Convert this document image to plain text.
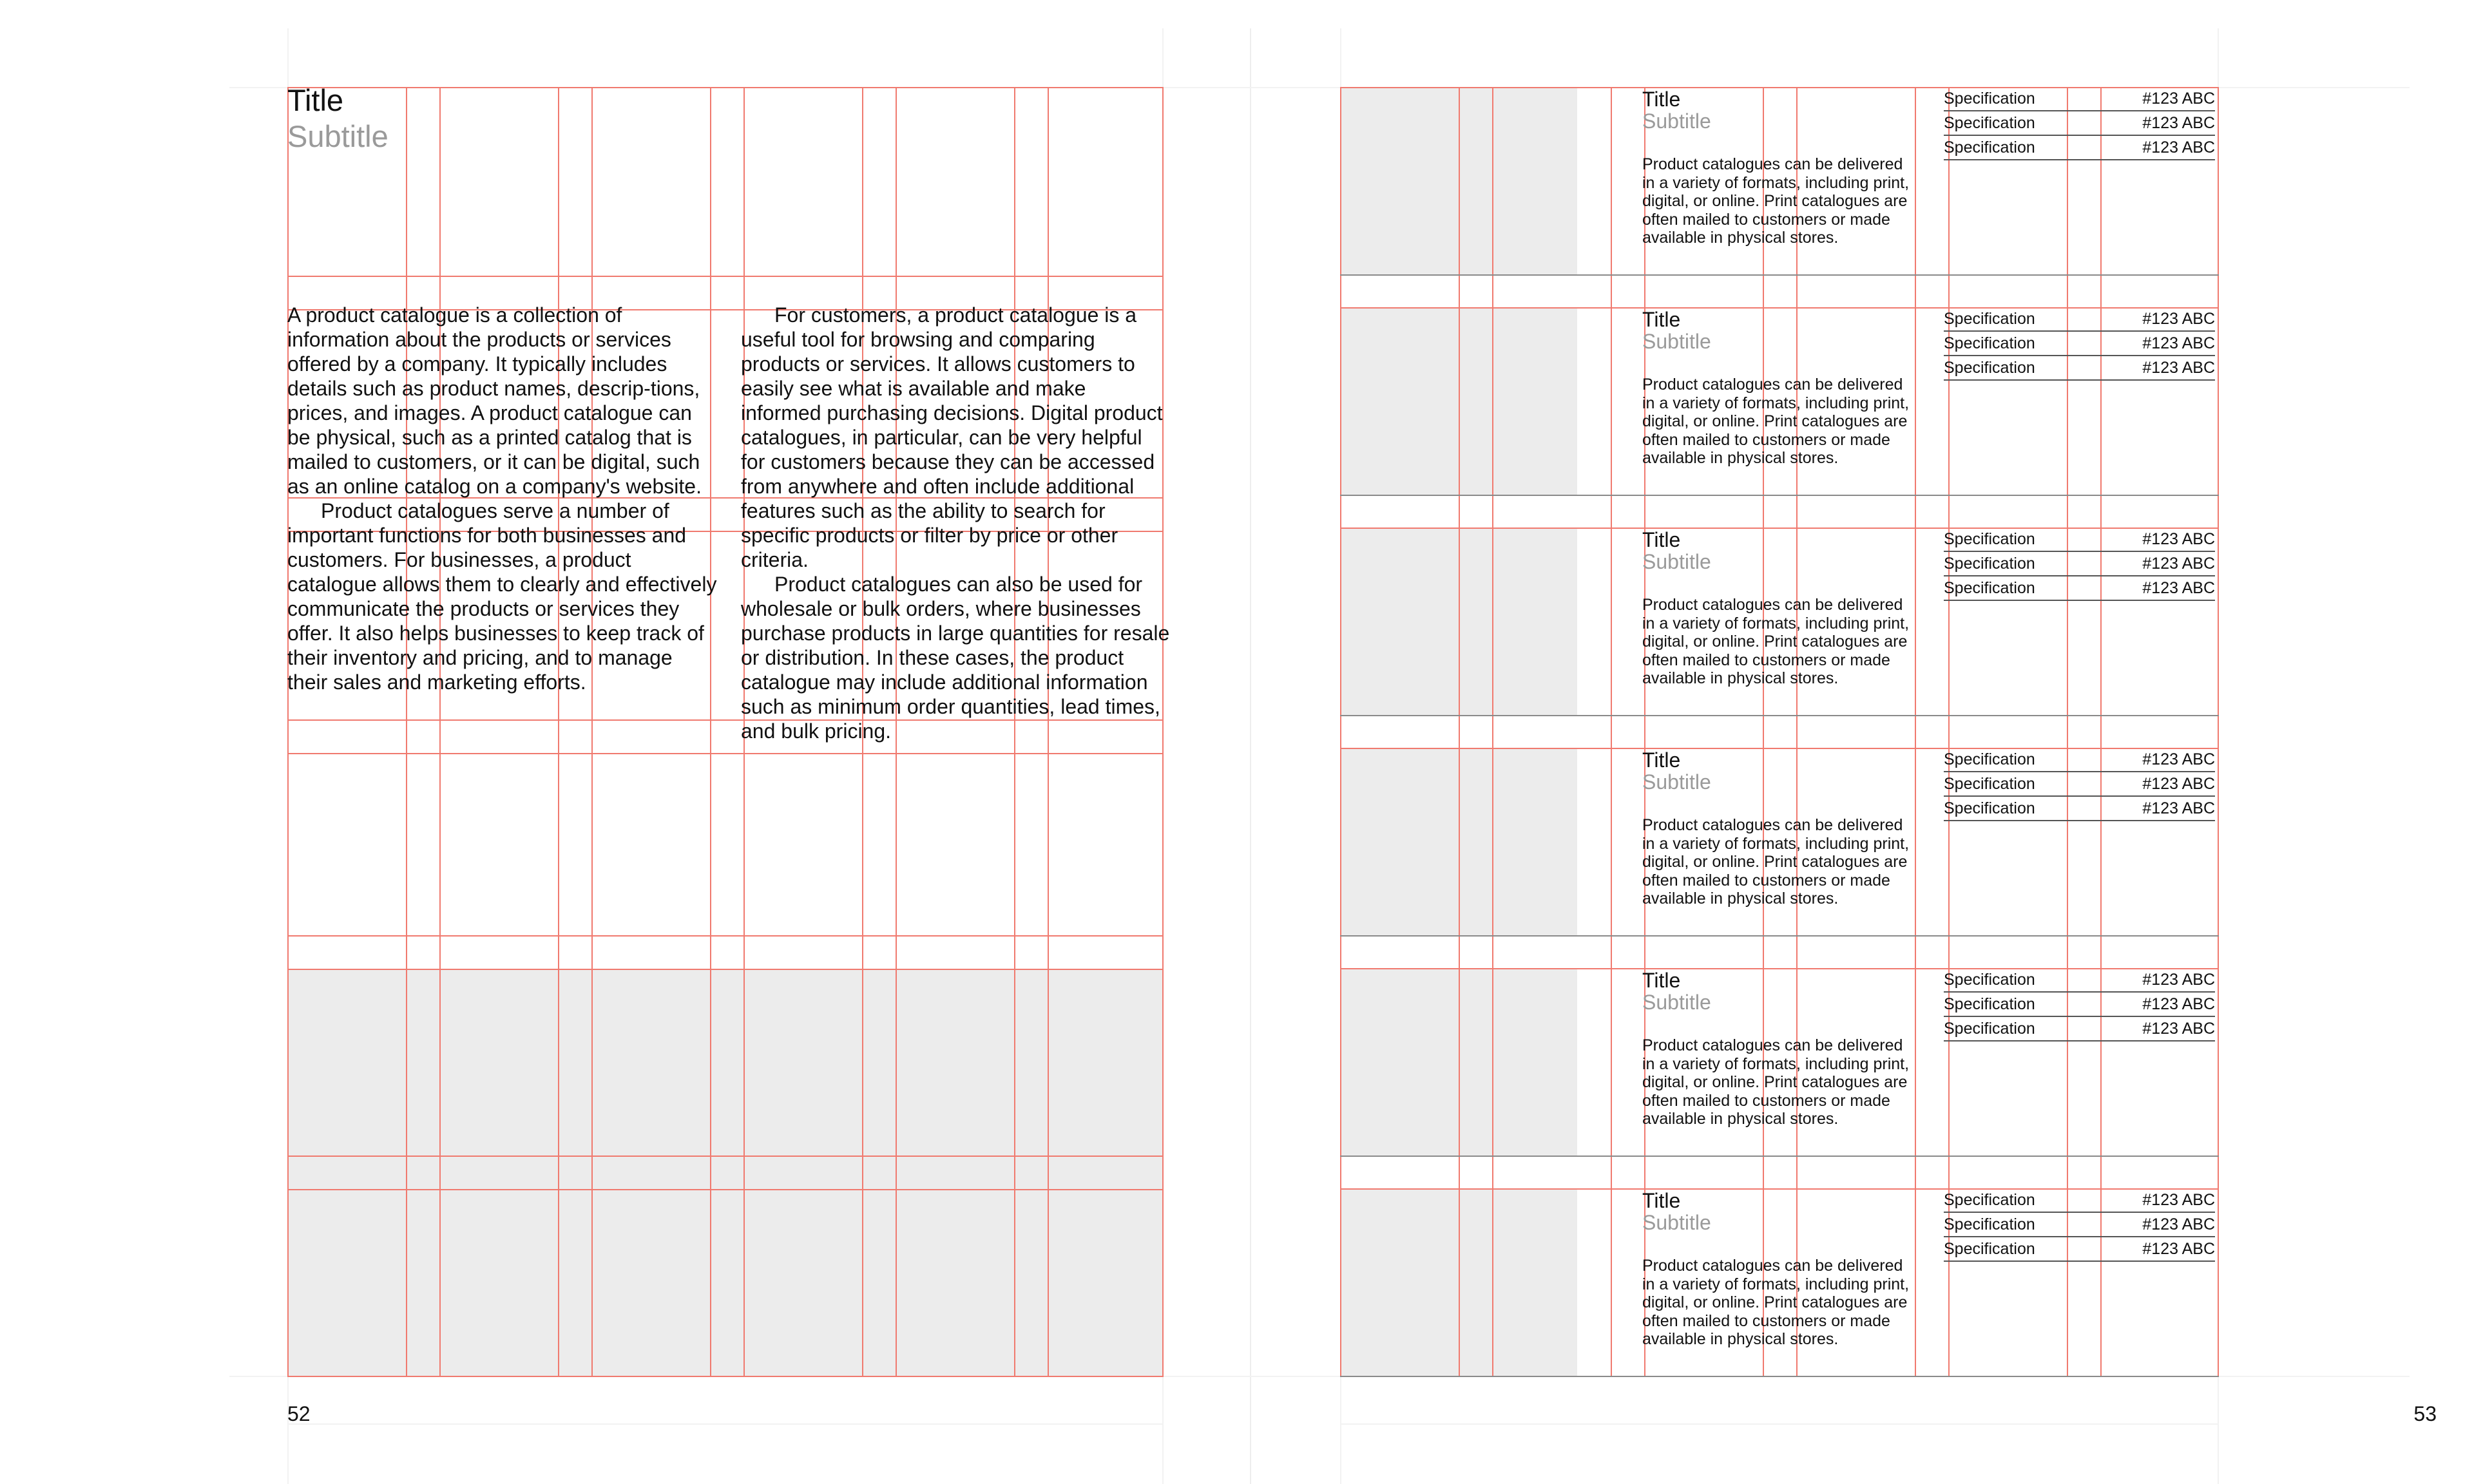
Title
Subtitle

A product catalogue is a collection of information about the products or services offered by a company. It typically includes details such as product names, descrip-tions, prices, and images. A product catalogue can be physical, such as a printed catalog that is mailed to customers, or it can be digital, such as an online catalog on a company's website.

Product catalogues serve a number of important functions for both businesses and customers. For businesses, a product catalogue allows them to clearly and effectively communicate the products or services they offer. It also helps businesses to keep track of their inventory and pricing, and to manage their sales and marketing efforts.

For customers, a product catalogue is a useful tool for browsing and comparing products or services. It allows customers to easily see what is available and make informed purchasing decisions. Digital product catalogues, in particular, can be very helpful for customers because they can be accessed from anywhere and often include additional features such as the ability to search for specific products or filter by price or other criteria.

Product catalogues can also be used for wholesale or bulk orders, where businesses purchase products in large quantities for resale or distribution. In these cases, the product catalogue may include additional information such as minimum order quantities, lead times, and bulk pricing.

52
Title
Subtitle
Product catalogues can be delivered in a variety of formats, including print, digital, or online. Print catalogues are often mailed to customers or made available in physical stores.
Specification	#123 ABC
Specification	#123 ABC
Specification	#123 ABC
Title
Subtitle
Product catalogues can be delivered in a variety of formats, including print, digital, or online. Print catalogues are often mailed to customers or made available in physical stores.
Specification	#123 ABC
Specification	#123 ABC
Specification	#123 ABC
Title
Subtitle
Product catalogues can be delivered in a variety of formats, including print, digital, or online. Print catalogues are often mailed to customers or made available in physical stores.
Specification	#123 ABC
Specification	#123 ABC
Specification	#123 ABC
Title
Subtitle
Product catalogues can be delivered in a variety of formats, including print, digital, or online. Print catalogues are often mailed to customers or made available in physical stores.
Specification	#123 ABC
Specification	#123 ABC
Specification	#123 ABC
Title
Subtitle
Product catalogues can be delivered in a variety of formats, including print, digital, or online. Print catalogues are often mailed to customers or made available in physical stores.
Specification	#123 ABC
Specification	#123 ABC
Specification	#123 ABC
Title
Subtitle
Product catalogues can be delivered in a variety of formats, including print, digital, or online. Print catalogues are often mailed to customers or made available in physical stores.
Specification	#123 ABC
Specification	#123 ABC
Specification	#123 ABC
53
